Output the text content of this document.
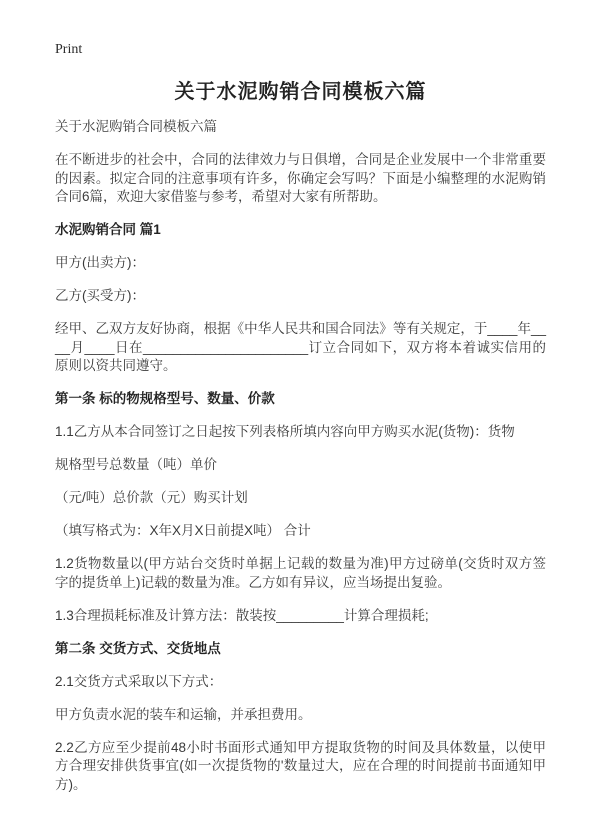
Print
关于水泥购销合同模板六篇

关于水泥购销合同模板六篇

在不断进步的社会中，合同的法律效力与日俱增，合同是企业发展中一个非常重要的因素。拟定合同的注意事项有许多，你确定会写吗？下面是小编整理的水泥购销合同6篇，欢迎大家借鉴与参考，希望对大家有所帮助。

水泥购销合同 篇1

甲方(出卖方)：

乙方(买受方)：

经甲、乙双方友好协商，根据《中华人民共和国合同法》等有关规定，于____年____月____日在______________________订立合同如下，双方将本着诚实信用的原则以资共同遵守。

第一条 标的物规格型号、数量、价款

1.1乙方从本合同签订之日起按下列表格所填内容向甲方购买水泥(货物)：货物

规格型号总数量（吨）单价

（元/吨）总价款（元）购买计划

（填写格式为：X年X月X日前提X吨） 合计

1.2货物数量以(甲方站台交货时单据上记载的数量为准)甲方过磅单(交货时双方签字的提货单上)记载的数量为准。乙方如有异议，应当场提出复验。

1.3合理损耗标准及计算方法：散装按_________计算合理损耗;

第二条 交货方式、交货地点

2.1交货方式采取以下方式：

甲方负责水泥的装车和运输，并承担费用。

2.2乙方应至少提前48小时书面形式通知甲方提取货物的时间及具体数量，以使甲方合理安排供货事宜(如一次提货物的'数量过大，应在合理的时间提前书面通知甲方)。
